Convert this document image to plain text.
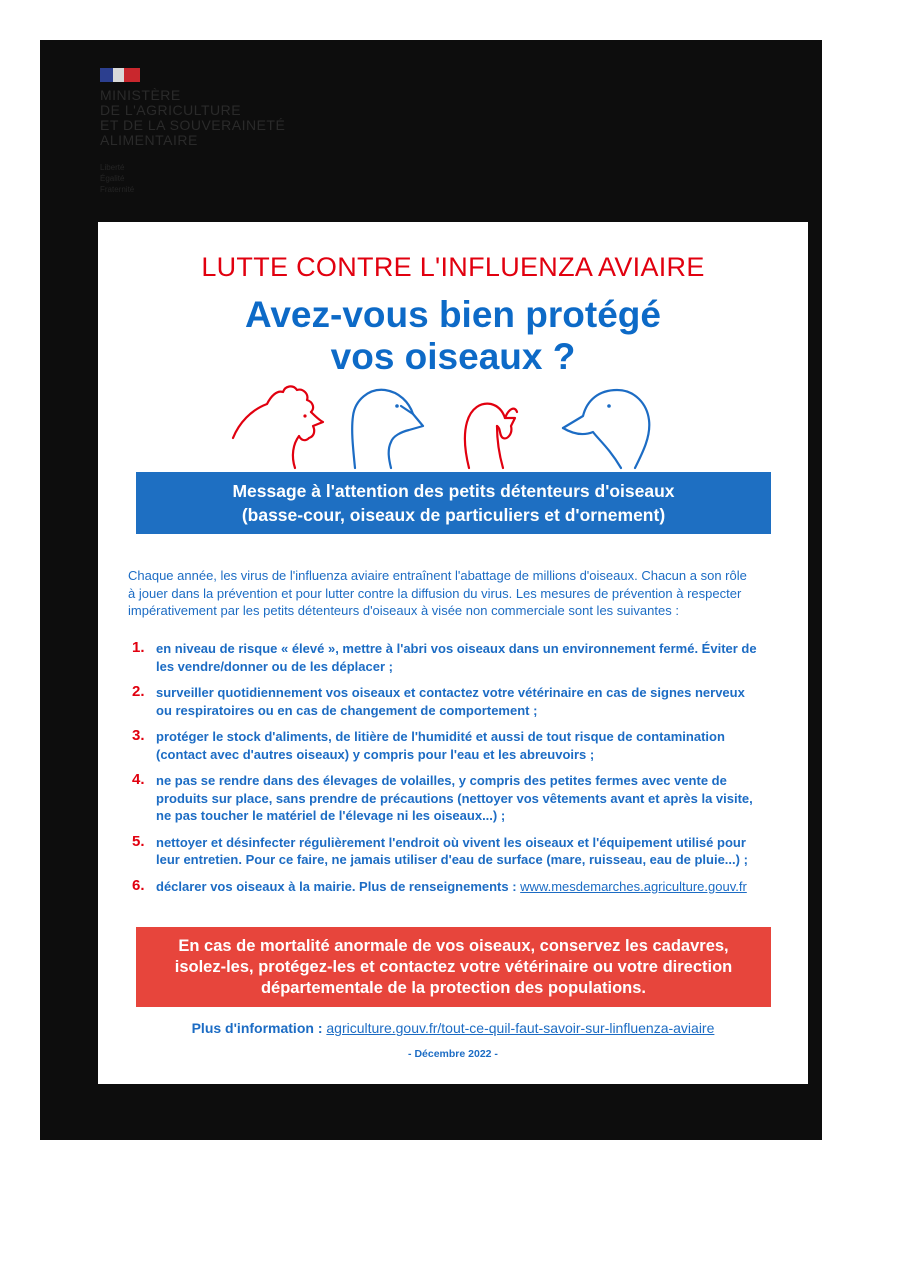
MINISTÈRE
DE L'AGRICULTURE
ET DE LA SOUVERAINETÉ
ALIMENTAIRE
Liberté
Égalité
Fraternité
LUTTE CONTRE L'INFLUENZA AVIAIRE
Avez-vous bien protégé
vos oiseaux ?
Message à l'attention des petits détenteurs d'oiseaux
(basse-cour, oiseaux de particuliers et d'ornement)
Chaque année, les virus de l'influenza aviaire entraînent l'abattage de millions d'oiseaux. Chacun a son rôle à jouer dans la prévention et pour lutter contre la diffusion du virus. Les mesures de prévention à respecter impérativement par les petits détenteurs d'oiseaux à visée non commerciale sont les suivantes :
1. en niveau de risque « élevé », mettre à l'abri vos oiseaux dans un environnement fermé. Éviter de les vendre/donner ou de les déplacer ;
2. surveiller quotidiennement vos oiseaux et contactez votre vétérinaire en cas de signes nerveux ou respiratoires ou en cas de changement de comportement ;
3. protéger le stock d'aliments, de litière de l'humidité et aussi de tout risque de contamination (contact avec d'autres oiseaux) y compris pour l'eau et les abreuvoirs ;
4. ne pas se rendre dans des élevages de volailles, y compris des petites fermes avec vente de produits sur place, sans prendre de précautions (nettoyer vos vêtements avant et après la visite, ne pas toucher le matériel de l'élevage ni les oiseaux...) ;
5. nettoyer et désinfecter régulièrement l'endroit où vivent les oiseaux et l'équipement utilisé pour leur entretien. Pour ce faire, ne jamais utiliser d'eau de surface (mare, ruisseau, eau de pluie...) ;
6. déclarer vos oiseaux à la mairie. Plus de renseignements : www.mesdemarches.agriculture.gouv.fr
En cas de mortalité anormale de vos oiseaux, conservez les cadavres,
isolez-les, protégez-les et contactez votre vétérinaire ou votre direction
départementale de la protection des populations.
Plus d'information : agriculture.gouv.fr/tout-ce-quil-faut-savoir-sur-linfluenza-aviaire
- Décembre 2022 -
